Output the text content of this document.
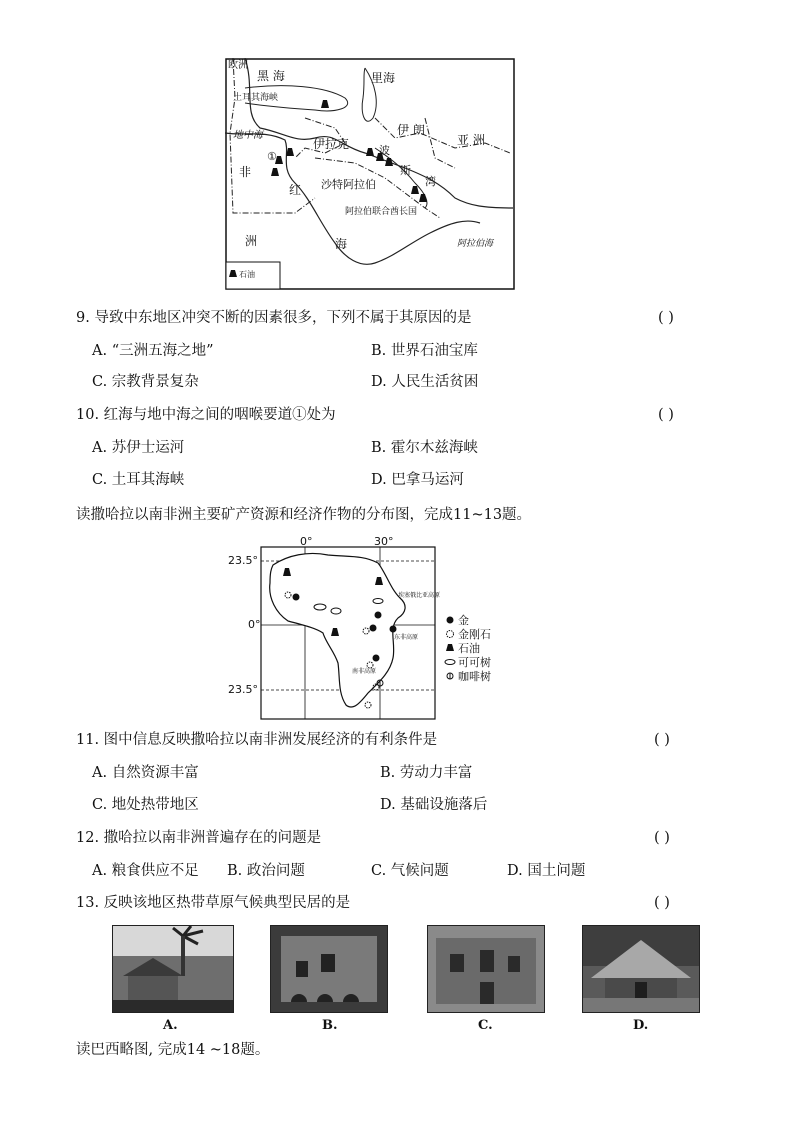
欧洲
黑 海	里海
土耳其海峡
地中海
伊拉克
伊 朗
亚 洲
①
非
洲
红
海
沙特阿拉伯
波
斯
湾
阿拉伯联合酋长国
阿拉伯海
石油
9. 导致中东地区冲突不断的因素很多，下列不属于其原因的是	( )
A. “三洲五海之地”	B. 世界石油宝库
C. 宗教背景复杂	D. 人民生活贫困
10. 红海与地中海之间的咽喉要道①处为	( )
A. 苏伊士运河	B. 霍尔木兹海峡
C. 土耳其海峡	D. 巴拿马运河
读撒哈拉以南非洲主要矿产资源和经济作物的分布图，完成11~13题。
埃塞俄比亚高原
东非高原
南非高原
23.5°
0°
23.5°
0°	30°
金
金刚石
石油
可可树
咖啡树
11. 图中信息反映撒哈拉以南非洲发展经济的有利条件是	( )
A. 自然资源丰富	B. 劳动力丰富
C. 地处热带地区	D. 基础设施落后
12. 撒哈拉以南非洲普遍存在的问题是	( )
A. 粮食供应不足 B. 政治问题	C. 气候问题	D. 国土问题
13. 反映该地区热带草原气候典型民居的是	( )
A.	B.	C.	D.
读巴西略图, 完成14 ~18题。
